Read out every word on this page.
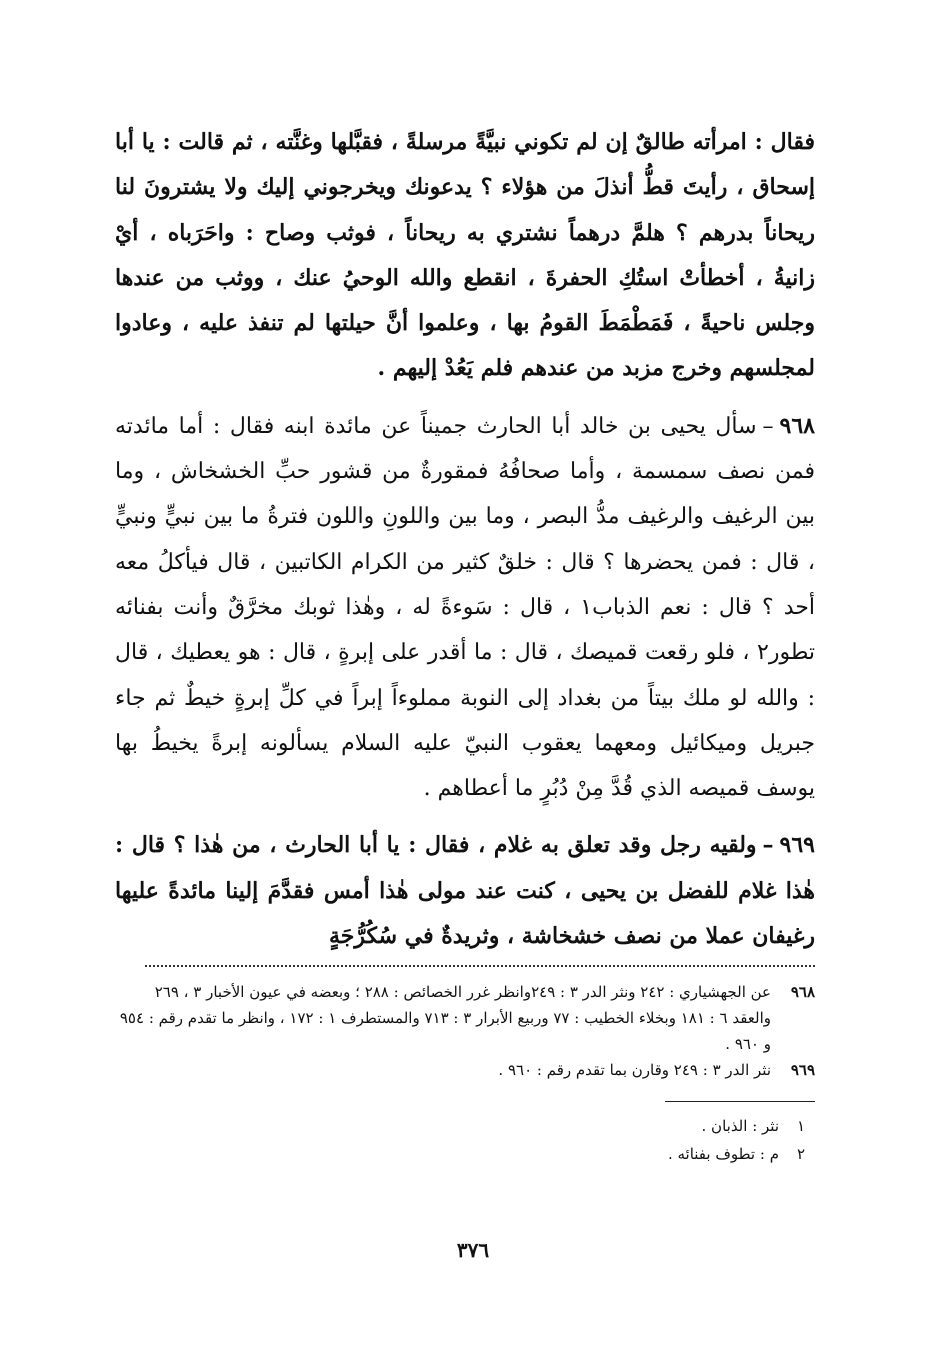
فقال : امرأته طالقٌ إن لم تكوني نبيَّةً مرسلةً ، فقبَّلها وغنَّته ، ثم قالت : يا أبا إسحاق ، رأيتَ قطُّ أنذلَ من هؤلاء ؟ يدعونك ويخرجوني إليك ولا يشترونَ لنا ريحاناً بدرهم ؟ هلمَّ درهماً نشتري به ريحاناً ، فوثب وصاح : واحَرَباه ، أيْ زانيةُ ، أخطأتْ استُكِ الحفرةَ ، انقطع والله الوحيُ عنك ، ووثب من عندها وجلس ناحيةً ، فَمَطْمَطَ القومُ بها ، وعلموا أنَّ حيلتها لم تنفذ عليه ، وعادوا لمجلسهم وخرج مزبد من عندهم فلم يَعُدْ إليهم .

٩٦٨–سأل يحيى بن خالد أبا الحارث جميناً عن مائدة ابنه فقال : أما مائدته فمن نصف سمسمة ، وأما صحافُهُ فمقورةٌ من قشور حبِّ الخشخاش ، وما بين الرغيف والرغيف مدُّ البصر ، وما بين واللونِ واللون فترةُ ما بين نبيٍّ ونبيٍّ ، قال : فمن يحضرها ؟ قال : خلقٌ كثير من الكرام الكاتبين ، قال فيأكلُ معه أحد ؟ قال : نعم الذباب١ ، قال : سَوءةً له ، وهٰذا ثوبك مخرَّقٌ وأنت بفنائه تطور٢ ، فلو رقعت قميصك ، قال : ما أقدر على إبرةٍ ، قال : هو يعطيك ، قال : والله لو ملك بيتاً من بغداد إلى النوبة مملوءاً إبراً في كلِّ إبرةٍ خيطٌ ثم جاء جبريل وميكائيل ومعهما يعقوب النبيّ عليه السلام يسألونه إبرةً يخيطُ بها يوسف قميصه الذي قُدَّ مِنْ دُبُرٍ ما أعطاهم .

٩٦٩–ولقيه رجل وقد تعلق به غلام ، فقال : يا أبا الحارث ، من هٰذا ؟ قال : هٰذا غلام للفضل بن يحيى ، كنت عند مولى هٰذا أمس فقدَّمَ إلينا مائدةً عليها رغيفان عملا من نصف خشخاشة ، وثريدةٌ في سُكُرُّجَةٍ

٩٦٨
عن الجهشياري : ٢٤٢ ونثر الدر ٣ : ٢٤٩وانظر غرر الخصائص : ٢٨٨ ؛ وبعضه في عيون الأخبار ٣ ، ٢٦٩ والعقد ٦ : ١٨١ وبخلاء الخطيب : ٧٧ وربيع الأبرار ٣ : ٧١٣ والمستطرف ١ : ١٧٢ ، وانظر ما تقدم رقم : ٩٥٤ و ٩٦٠ .
٩٦٩
نثر الدر ٣ : ٢٤٩ وقارن بما تقدم رقم : ٩٦٠ .
١
نثر : الذبان .
٢
م : تطوف بفنائه .
٣٧٦
